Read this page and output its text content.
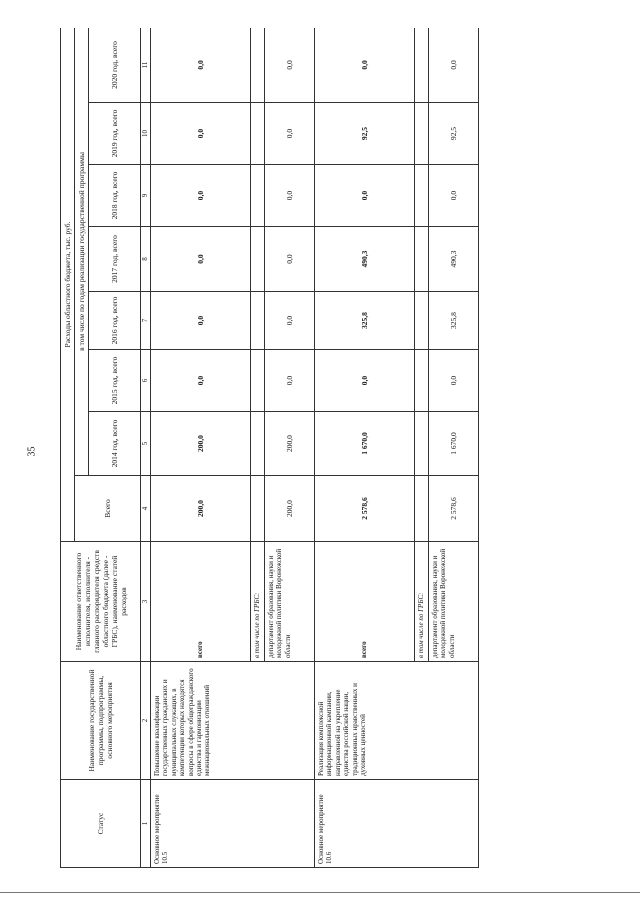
35
Статус	Наименование государственной программы, подпрограммы, основного мероприятия	Наименование ответственного исполнителя, исполнителя - главного распорядителя средств областного бюджета (далее - ГРБС), наименование статей расходов	Расходы областного бюджета, тыс. руб.							
			Всего	в том числе по годам реализации государственной программы						
				2014 год, всего	2015 год, всего	2016 год, всего	2017 год, всего	2018 год, всего	2019 год, всего	2020 год, всего
1	2	3	4	5	6	7	8	9	10	11
Основное мероприятие 10.5	Повышение квалификации государственных гражданских и муниципальных служащих, в компетенции которых находятся вопросы в сфере общегражданского единства и гармонизации межнациональных отношений	всего	200,0	200,0	0,0	0,0	0,0	0,0	0,0	0,0
		в том числе по ГРБС:								
		департамент образования, науки и молодежной политики Воронежской области	200,0	200,0	0,0	0,0	0,0	0,0	0,0	0,0
Основное мероприятие 10.6	Реализация комплексной информационной кампании, направленной на укрепление единства российской нации, традиционных нравственных и духовных ценностей	всего	2 578,6	1 670,0	0,0	325,8	490,3	0,0	92,5	0,0
		в том числе по ГРБС:								
		департамент образования, науки и молодежной политики Воронежской области	2 578,6	1 670,0	0,0	325,8	490,3	0,0	92,5	0,0
